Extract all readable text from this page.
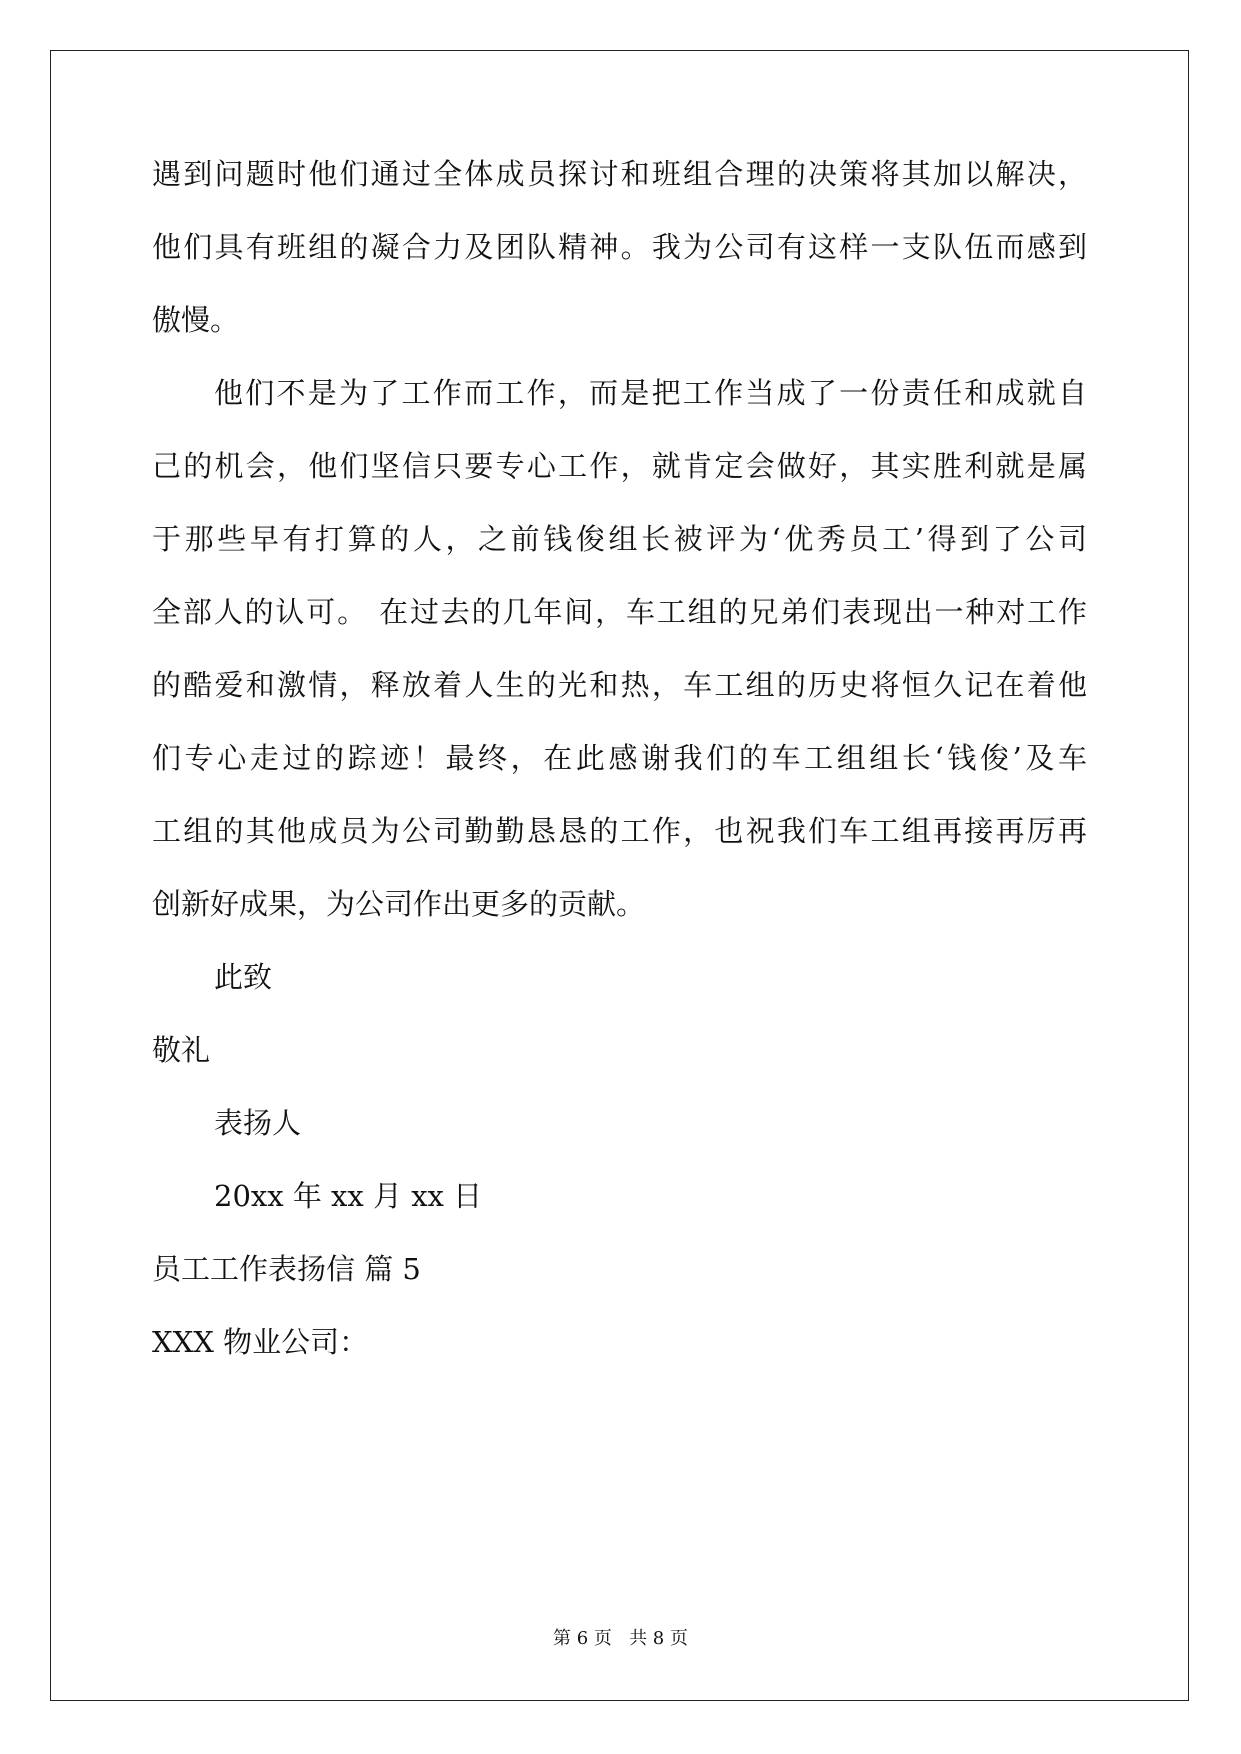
遇到问题时他们通过全体成员探讨和班组合理的决策将其加以解决，
他们具有班组的凝合力及团队精神。我为公司有这样一支队伍而感到
傲慢。
他们不是为了工作而工作，而是把工作当成了一份责任和成就自
己的机会，他们坚信只要专心工作，就肯定会做好，其实胜利就是属
于那些早有打算的人，之前钱俊组长被评为‘优秀员工’得到了公司
全部人的认可。 在过去的几年间，车工组的兄弟们表现出一种对工作
的酷爱和激情，释放着人生的光和热，车工组的历史将恒久记在着他
们专心走过的踪迹！最终，在此感谢我们的车工组组长‘钱俊’及车
工组的其他成员为公司勤勤恳恳的工作，也祝我们车工组再接再厉再
创新好成果，为公司作出更多的贡献。
此致
敬礼
表扬人
20xx 年 xx 月 xx 日
员工工作表扬信 篇 5
XXX 物业公司：
第 6 页   共 8 页
